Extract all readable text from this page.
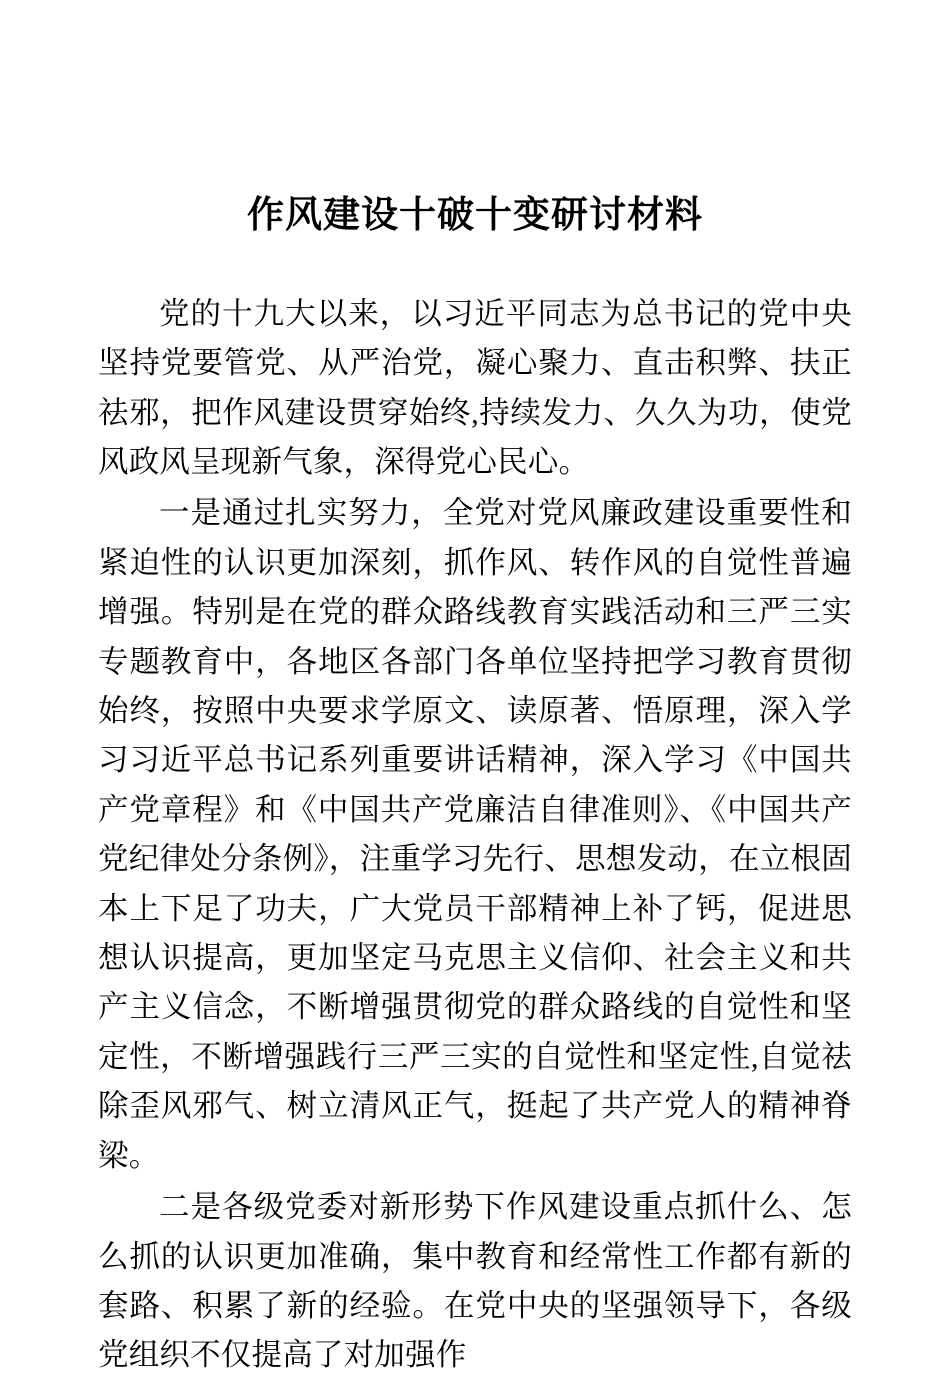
作风建设十破十变研讨材料

党的十九大以来，以习近平同志为总书记的党中央坚持党要管党、从严治党，凝心聚力、直击积弊、扶正祛邪，把作风建设贯穿始终,持续发力、久久为功，使党风政风呈现新气象，深得党心民心。

一是通过扎实努力，全党对党风廉政建设重要性和紧迫性的认识更加深刻，抓作风、转作风的自觉性普遍增强。特别是在党的群众路线教育实践活动和三严三实专题教育中，各地区各部门各单位坚持把学习教育贯彻始终，按照中央要求学原文、读原著、悟原理，深入学习习近平总书记系列重要讲话精神，深入学习《中国共产党章程》和《中国共产党廉洁自律准则》、《中国共产党纪律处分条例》，注重学习先行、思想发动，在立根固本上下足了功夫，广大党员干部精神上补了钙，促进思想认识提高，更加坚定马克思主义信仰、社会主义和共产主义信念，不断增强贯彻党的群众路线的自觉性和坚定性，不断增强践行三严三实的自觉性和坚定性,自觉祛除歪风邪气、树立清风正气，挺起了共产党人的精神脊梁。

二是各级党委对新形势下作风建设重点抓什么、怎么抓的认识更加准确，集中教育和经常性工作都有新的套路、积累了新的经验。在党中央的坚强领导下，各级党组织不仅提高了对加强作
